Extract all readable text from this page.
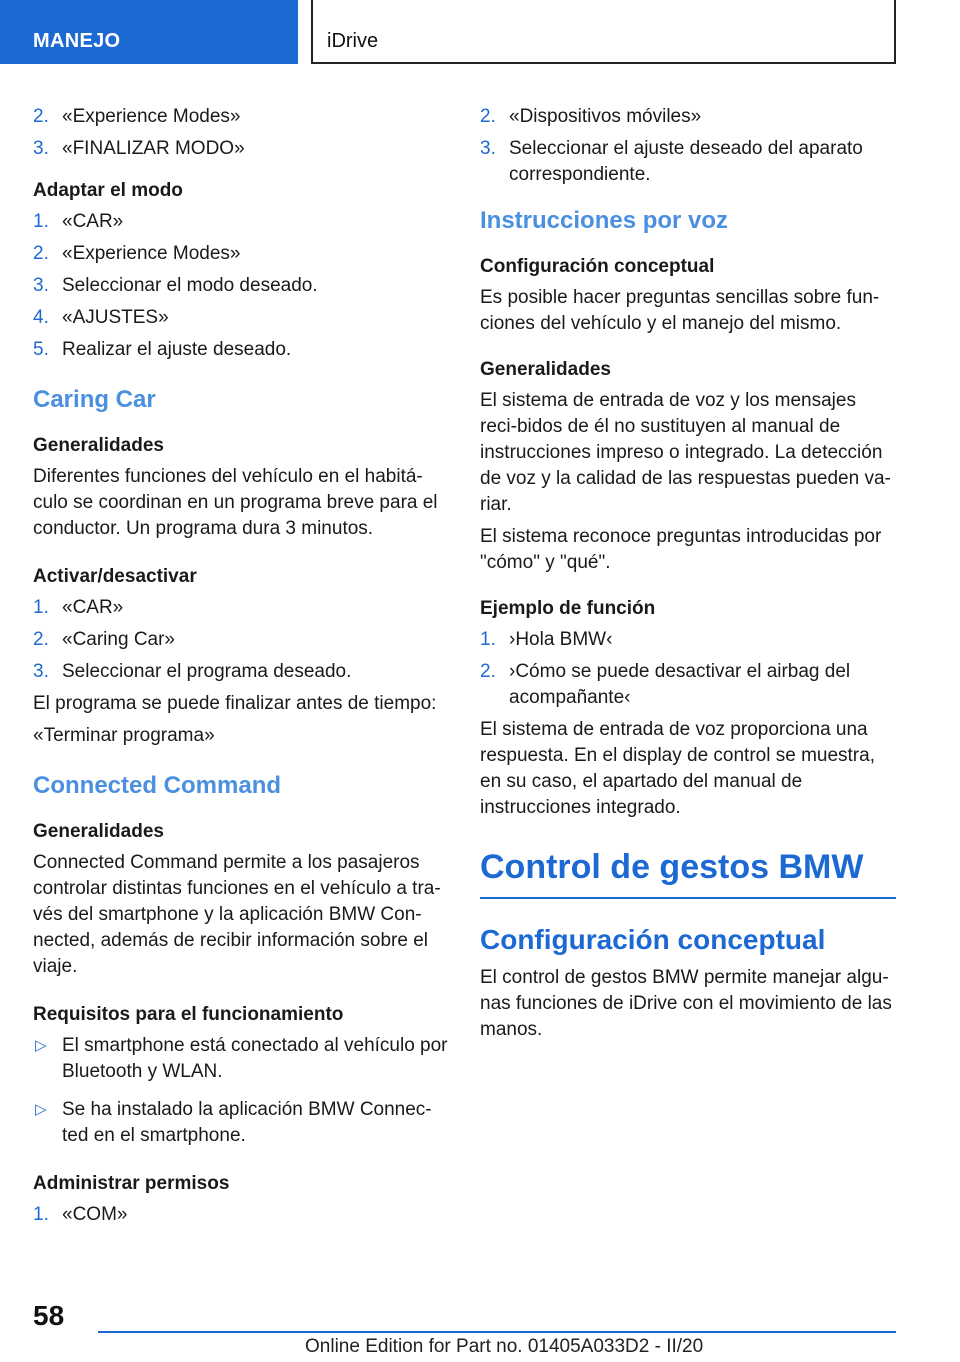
MANEJO	iDrive
2. «Experience Modes»
3. «FINALIZAR MODO»
Adaptar el modo
1. «CAR»
2. «Experience Modes»
3. Seleccionar el modo deseado.
4. «AJUSTES»
5. Realizar el ajuste deseado.
Caring Car
Generalidades
Diferentes funciones del vehículo en el habitá-culo se coordinan en un programa breve para el conductor. Un programa dura 3 minutos.
Activar/desactivar
1. «CAR»
2. «Caring Car»
3. Seleccionar el programa deseado.
El programa se puede finalizar antes de tiempo:
«Terminar programa»
Connected Command
Generalidades
Connected Command permite a los pasajeros controlar distintas funciones en el vehículo a tra-vés del smartphone y la aplicación BMW Con-nected, además de recibir información sobre el viaje.
Requisitos para el funcionamiento
▷ El smartphone está conectado al vehículo por Bluetooth y WLAN.
▷ Se ha instalado la aplicación BMW Connec-ted en el smartphone.
Administrar permisos
1. «COM»
2. «Dispositivos móviles»
3. Seleccionar el ajuste deseado del aparato correspondiente.
Instrucciones por voz
Configuración conceptual
Es posible hacer preguntas sencillas sobre fun-ciones del vehículo y el manejo del mismo.
Generalidades
El sistema de entrada de voz y los mensajes reci-bidos de él no sustituyen al manual de instrucciones impreso o integrado. La detección de voz y la calidad de las respuestas pueden va-riar.
El sistema reconoce preguntas introducidas por "cómo" y "qué".
Ejemplo de función
1. ›Hola BMW‹
2. ›Cómo se puede desactivar el airbag del acompañante‹
El sistema de entrada de voz proporciona una respuesta. En el display de control se muestra, en su caso, el apartado del manual de instrucciones integrado.
Control de gestos BMW
Configuración conceptual
El control de gestos BMW permite manejar algu-nas funciones de iDrive con el movimiento de las manos.
58
Online Edition for Part no. 01405A033D2 - II/20
